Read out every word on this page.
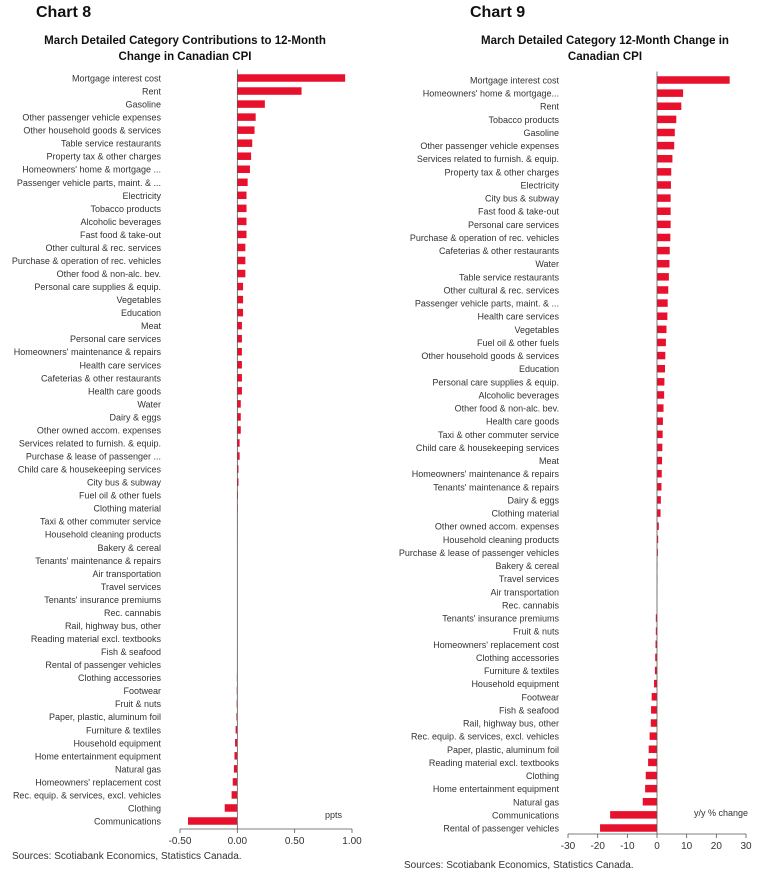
Chart 8
March Detailed Category Contributions to 12-Month Change in Canadian CPI
Mortgage interest cost
Rent
Gasoline
Other passenger vehicle expenses
Other household goods & services
Table service restaurants
Property tax & other charges
Homeowners' home & mortgage ...
Passenger vehicle parts, maint. & ...
Electricity
Tobacco products
Alcoholic beverages
Fast food & take-out
Other cultural & rec. services
Purchase & operation of rec. vehicles
Other food & non-alc. bev.
Personal care supplies & equip.
Vegetables
Education
Meat
Personal care services
Homeowners' maintenance & repairs
Health care services
Cafeterias & other restaurants
Health care goods
Water
Dairy & eggs
Other owned accom. expenses
Services related to furnish. & equip.
Purchase & lease of passenger ...
Child care & housekeeping services
City bus & subway
Fuel oil & other fuels
Clothing material
Taxi & other commuter service
Household cleaning products
Bakery & cereal
Tenants' maintenance & repairs
Air transportation
Travel services
Tenants' insurance premiums
Rec. cannabis
Rail, highway bus, other
Reading material excl. textbooks
Fish & seafood
Rental of passenger vehicles
Clothing accessories
Footwear
Fruit & nuts
Paper, plastic, aluminum foil
Furniture & textiles
Household equipment
Home entertainment equipment
Natural gas
Homeowners' replacement cost
Rec. equip. & services, excl. vehicles
Clothing
Communications
-0.50	0.00	0.50	1.00
ppts
Sources: Scotiabank Economics, Statistics Canada.
Chart 9
March Detailed Category 12-Month Change in Canadian CPI
Mortgage interest cost
Homeowners' home & mortgage...
Rent
Tobacco products
Gasoline
Other passenger vehicle expenses
Services related to furnish. & equip.
Property tax & other charges
Electricity
City bus & subway
Fast food & take-out
Personal care services
Purchase & operation of rec. vehicles
Cafeterias & other restaurants
Water
Table service restaurants
Other cultural & rec. services
Passenger vehicle parts, maint. & ...
Health care services
Vegetables
Fuel oil & other fuels
Other household goods & services
Education
Personal care supplies & equip.
Alcoholic beverages
Other food & non-alc. bev.
Health care goods
Taxi & other commuter service
Child care & housekeeping services
Meat
Homeowners' maintenance & repairs
Tenants' maintenance & repairs
Dairy & eggs
Clothing material
Other owned accom. expenses
Household cleaning products
Purchase & lease of passenger vehicles
Bakery & cereal
Travel services
Air transportation
Rec. cannabis
Tenants' insurance premiums
Fruit & nuts
Homeowners' replacement cost
Clothing accessories
Furniture & textiles
Household equipment
Footwear
Fish & seafood
Rail, highway bus, other
Rec. equip. & services, excl. vehicles
Paper, plastic, aluminum foil
Reading material excl. textbooks
Clothing
Home entertainment equipment
Natural gas
Communications
Rental of passenger vehicles
-30 -20 -10 0 10 20 30
y/y % change
Sources: Scotiabank Economics, Statistics Canada.
